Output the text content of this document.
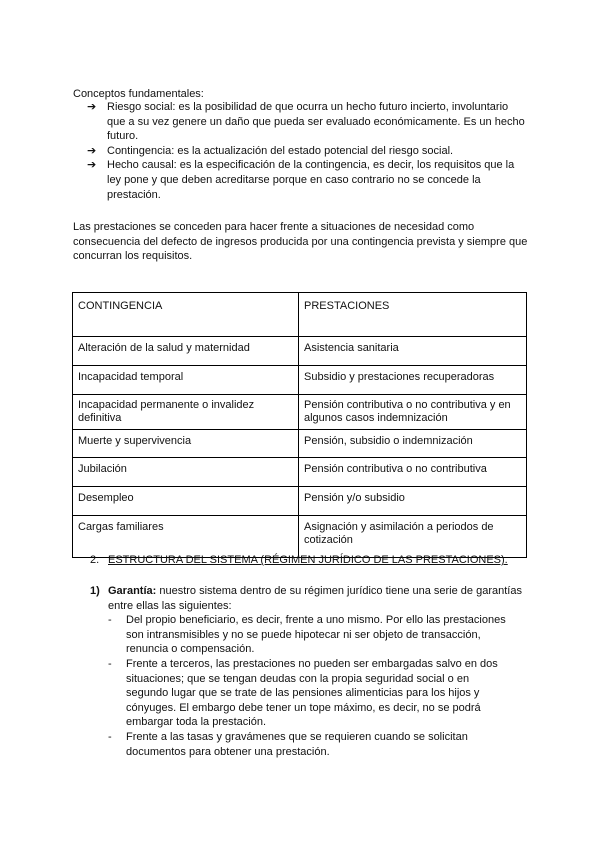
Conceptos fundamentales:

➔ Riesgo social: es la posibilidad de que ocurra un hecho futuro incierto, involuntario que a su vez genere un daño que pueda ser evaluado económicamente. Es un hecho futuro.
➔ Contingencia: es la actualización del estado potencial del riesgo social.
➔ Hecho causal: es la especificación de la contingencia, es decir, los requisitos que la ley pone y que deben acreditarse porque en caso contrario no se concede la prestación.

Las prestaciones se conceden para hacer frente a situaciones de necesidad como consecuencia del defecto de ingresos producida por una contingencia prevista y siempre que concurran los requisitos.

CONTINGENCIA	PRESTACIONES
Alteración de la salud y maternidad	Asistencia sanitaria
Incapacidad temporal	Subsidio y prestaciones recuperadoras
Incapacidad permanente o invalidez definitiva	Pensión contributiva o no contributiva y en algunos casos indemnización
Muerte y supervivencia	Pensión, subsidio o indemnización
Jubilación	Pensión contributiva o no contributiva
Desempleo	Pensión y/o subsidio
Cargas familiares	Asignación y asimilación a periodos de cotización

2. ESTRUCTURA DEL SISTEMA (RÉGIMEN JURÍDICO DE LAS PRESTACIONES).

1) Garantía: nuestro sistema dentro de su régimen jurídico tiene una serie de garantías entre ellas las siguientes:

- Del propio beneficiario, es decir, frente a uno mismo. Por ello las prestaciones son intransmisibles y no se puede hipotecar ni ser objeto de transacción, renuncia o compensación.
- Frente a terceros, las prestaciones no pueden ser embargadas salvo en dos situaciones; que se tengan deudas con la propia seguridad social o en segundo lugar que se trate de las pensiones alimenticias para los hijos y cónyuges. El embargo debe tener un tope máximo, es decir, no se podrá embargar toda la prestación.
- Frente a las tasas y gravámenes que se requieren cuando se solicitan documentos para obtener una prestación.
